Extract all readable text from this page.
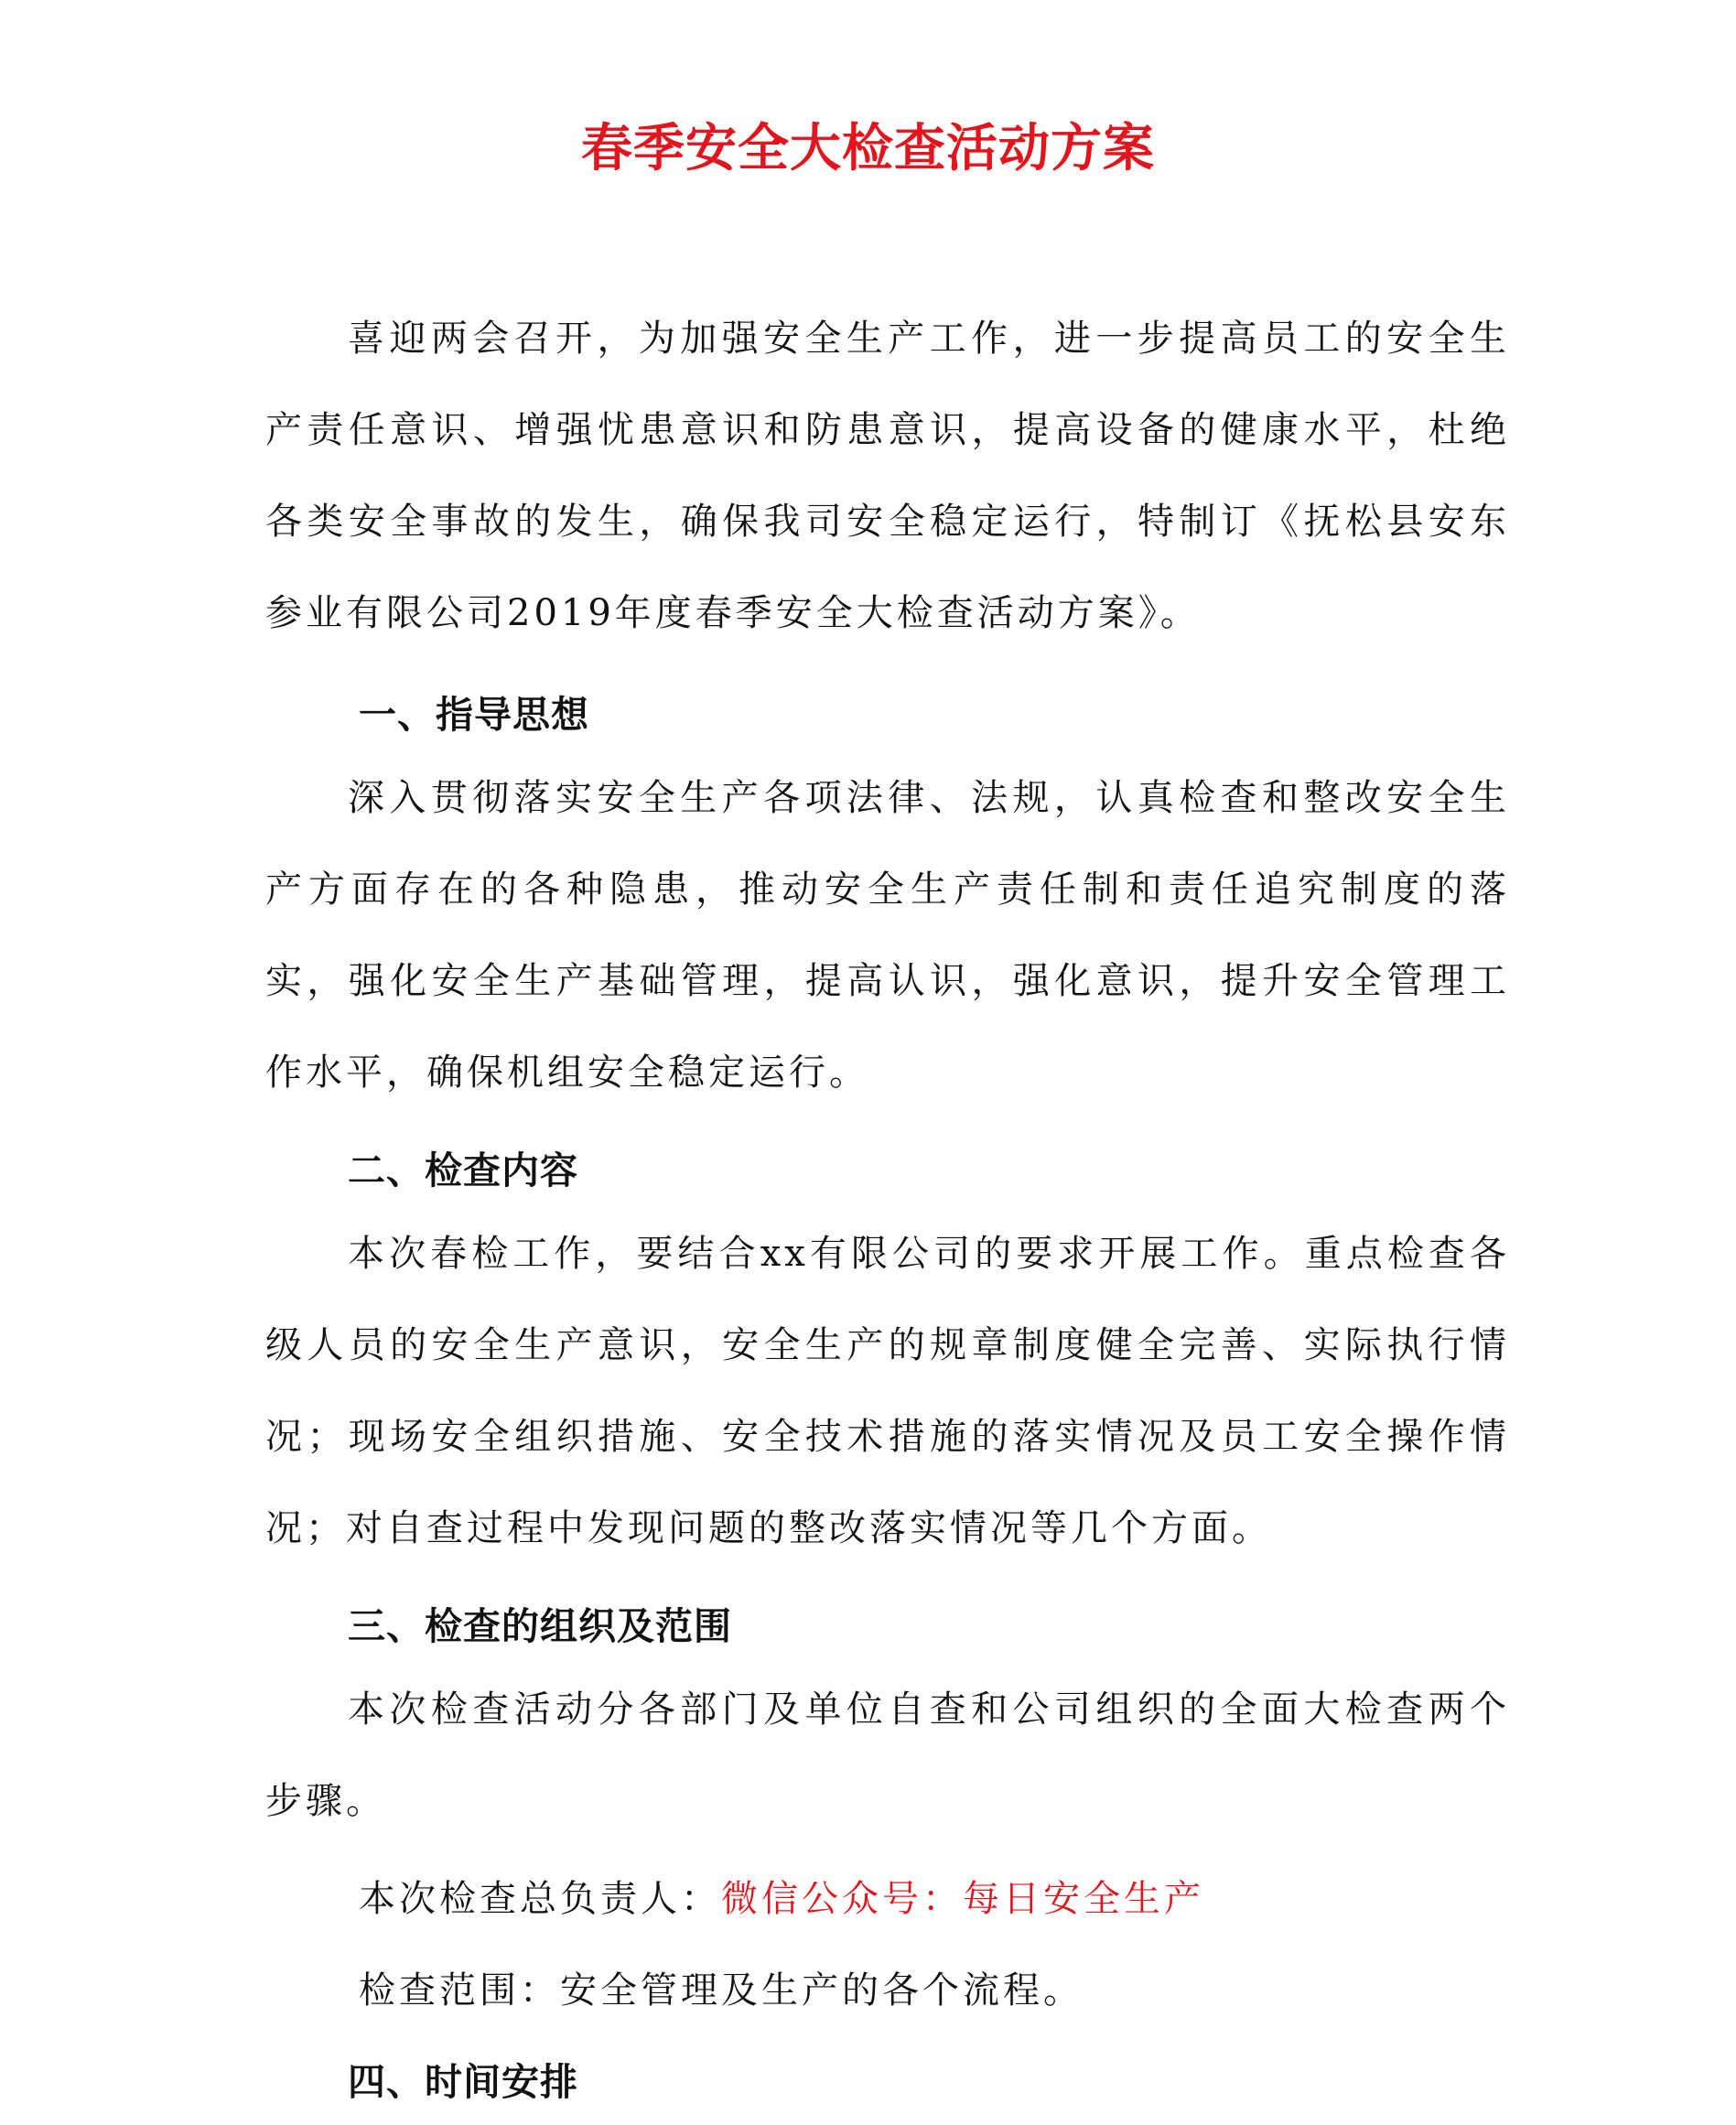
春季安全大检查活动方案

喜迎两会召开，为加强安全生产工作，进一步提高员工的安全生产责任意识、增强忧患意识和防患意识，提高设备的健康水平，杜绝各类安全事故的发生，确保我司安全稳定运行，特制订《抚松县安东参业有限公司2019年度春季安全大检查活动方案》。

一、指导思想

深入贯彻落实安全生产各项法律、法规，认真检查和整改安全生产方面存在的各种隐患，推动安全生产责任制和责任追究制度的落实，强化安全生产基础管理，提高认识，强化意识，提升安全管理工作水平，确保机组安全稳定运行。

二、检查内容

本次春检工作，要结合xx有限公司的要求开展工作。重点检查各级人员的安全生产意识，安全生产的规章制度健全完善、实际执行情况；现场安全组织措施、安全技术措施的落实情况及员工安全操作情况；对自查过程中发现问题的整改落实情况等几个方面。

三、检查的组织及范围

本次检查活动分各部门及单位自查和公司组织的全面大检查两个步骤。

本次检查总负责人：微信公众号：每日安全生产
检查范围：安全管理及生产的各个流程。
四、时间安排
